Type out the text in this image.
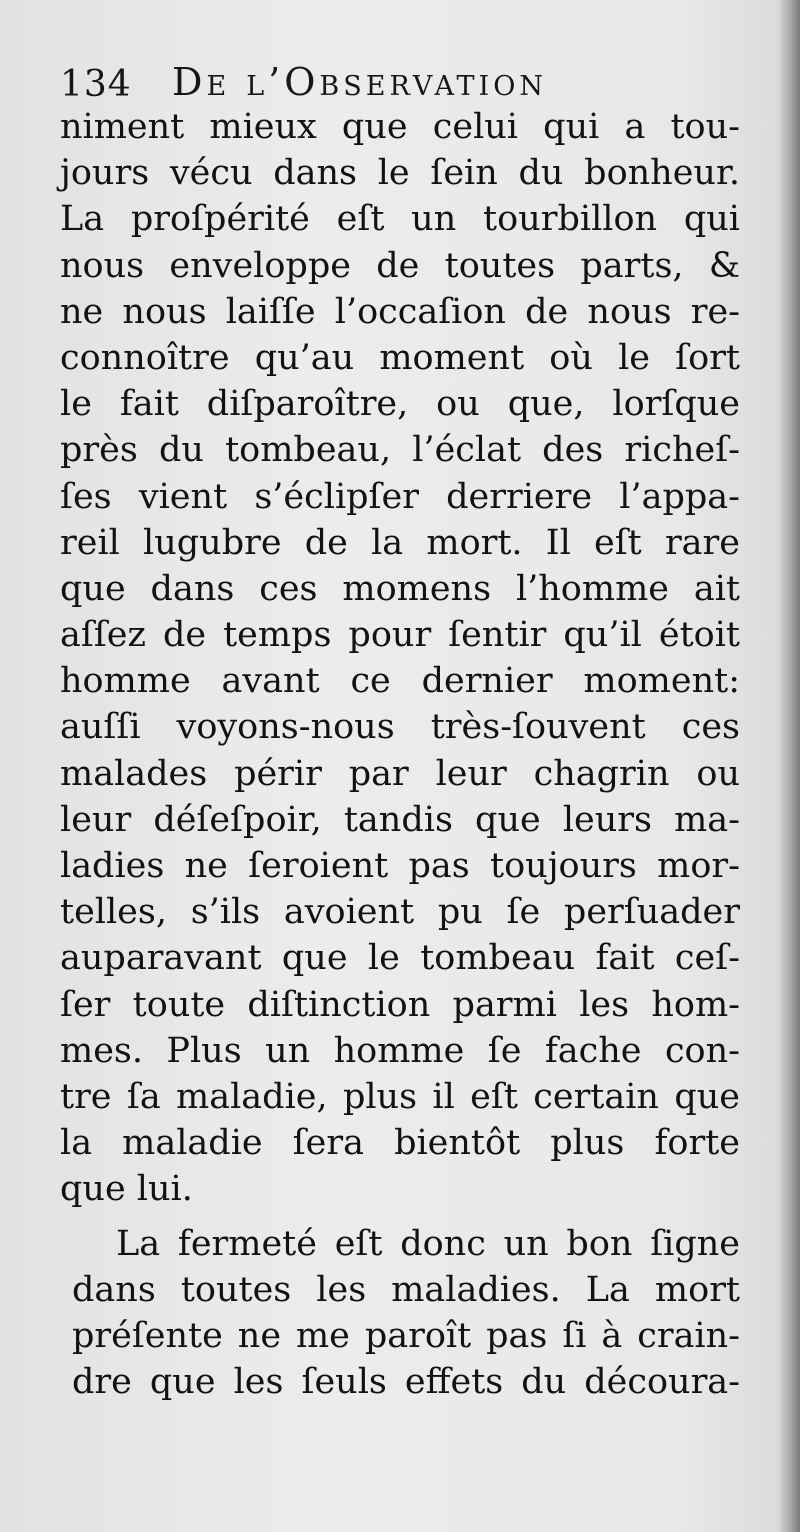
134 De l’Observation
niment mieux que celui qui a tou-
jours vécu dans le ſein du bonheur.
La proſpérité eſt un tourbillon qui
nous enveloppe de toutes parts, &
ne nous laiſſe l’occaſion de nous re-
connoître qu’au moment où le ſort
le fait diſparoître, ou que, lorſque
près du tombeau, l’éclat des richeſ-
ſes vient s’éclipſer derriere l’appa-
reil lugubre de la mort. Il eſt rare
que dans ces momens l’homme ait
aſſez de temps pour ſentir qu’il étoit
homme avant ce dernier moment:
auſſi voyons-nous très-ſouvent ces
malades périr par leur chagrin ou
leur déſeſpoir, tandis que leurs ma-
ladies ne ſeroient pas toujours mor-
telles, s’ils avoient pu ſe perſuader
auparavant que le tombeau fait ceſ-
ſer toute diſtinction parmi les hom-
mes. Plus un homme ſe fache con-
tre ſa maladie, plus il eſt certain que
la maladie ſera bientôt plus forte
que lui.
La fermeté eſt donc un bon ſigne
dans toutes les maladies. La mort
préſente ne me paroît pas ſi à crain-
dre que les ſeuls effets du découra-
